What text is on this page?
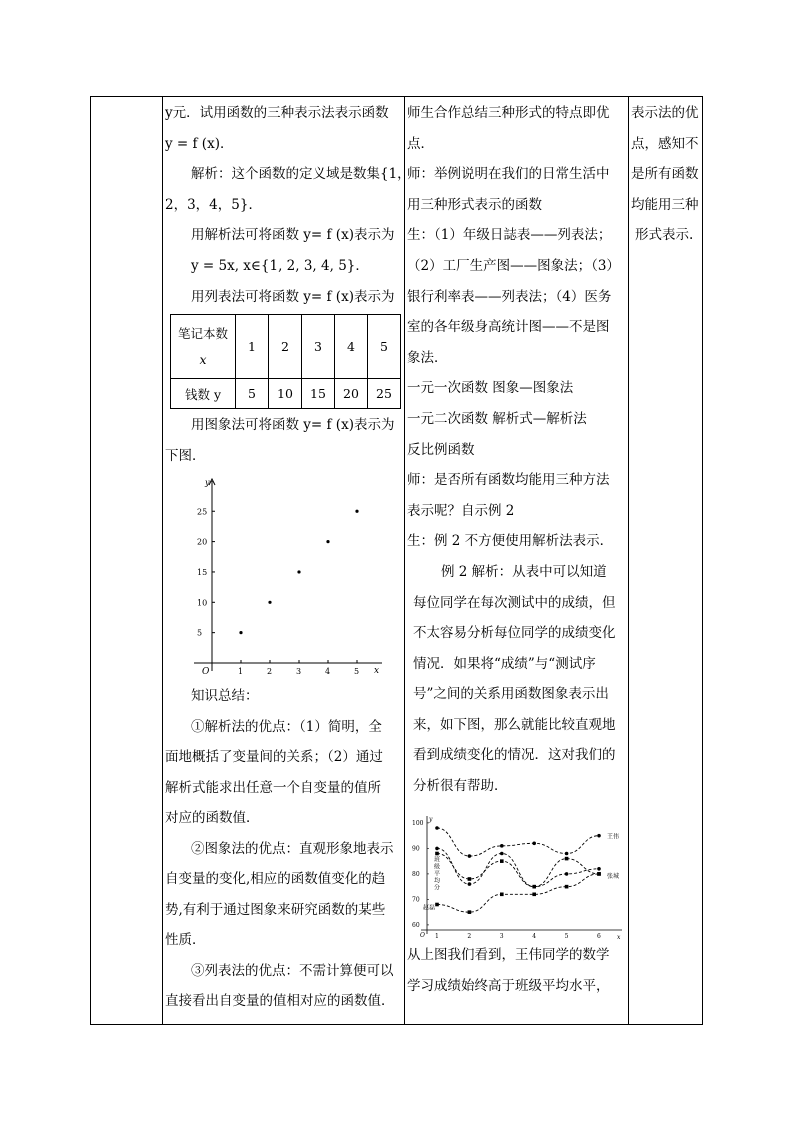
y元．试用函数的三种表示法表示函数

y = f (x)．

解析：这个函数的定义域是数集{1，

2，3，4，5}．

用解析法可将函数 y= f (x)表示为

y = 5x, x∈{1, 2, 3, 4, 5}．

用列表法可将函数 y= f (x)表示为

笔记本数
x	1	2	3	4	5
钱数 y	5	10	15	20	25

用图象法可将函数 y= f (x)表示为

下图．

y
x
O	1	2	3	4	5
5
10
15
20
25

知识总结：

①解析法的优点：（1）简明，全

面地概括了变量间的关系；（2）通过

解析式能求出任意一个自变量的值所

对应的函数值．

②图象法的优点：直观形象地表示

自变量的变化,相应的函数值变化的趋

势,有利于通过图象来研究函数的某些

性质．

③列表法的优点：不需计算便可以

直接看出自变量的值相对应的函数值．

师生合作总结三种形式的特点即优

点．

师：举例说明在我们的日常生活中

用三种形式表示的函数

生：（1）年级日誌表——列表法；

（2）工厂生产图——图象法；（3）

银行利率表——列表法；（4）医务

室的各年级身高统计图——不是图

象法．

一元一次函数 图象—图象法

一元二次函数 解析式—解析法

反比例函数

师：是否所有函数均能用三种方法

表示呢？自示例 2

生：例 2 不方便使用解析法表示．

例 2 解析：从表中可以知道

每位同学在每次测试中的成绩，但

不太容易分析每位同学的成绩变化

情况．如果将“成绩”与“测试序

号”之间的关系用函数图象表示出

来，如下图，那么就能比较直观地

看到成绩变化的情况．这对我们的

分析很有帮助．

y
x
O
60
70
80
90
100
1	2	3	4	5	6
王伟
张城
赵磊
班
级
平
均
分

从上图我们看到，王伟同学的数学

学习成绩始终高于班级平均水平，

表示法的优

点，感知不

是所有函数

均能用三种

形式表示.
